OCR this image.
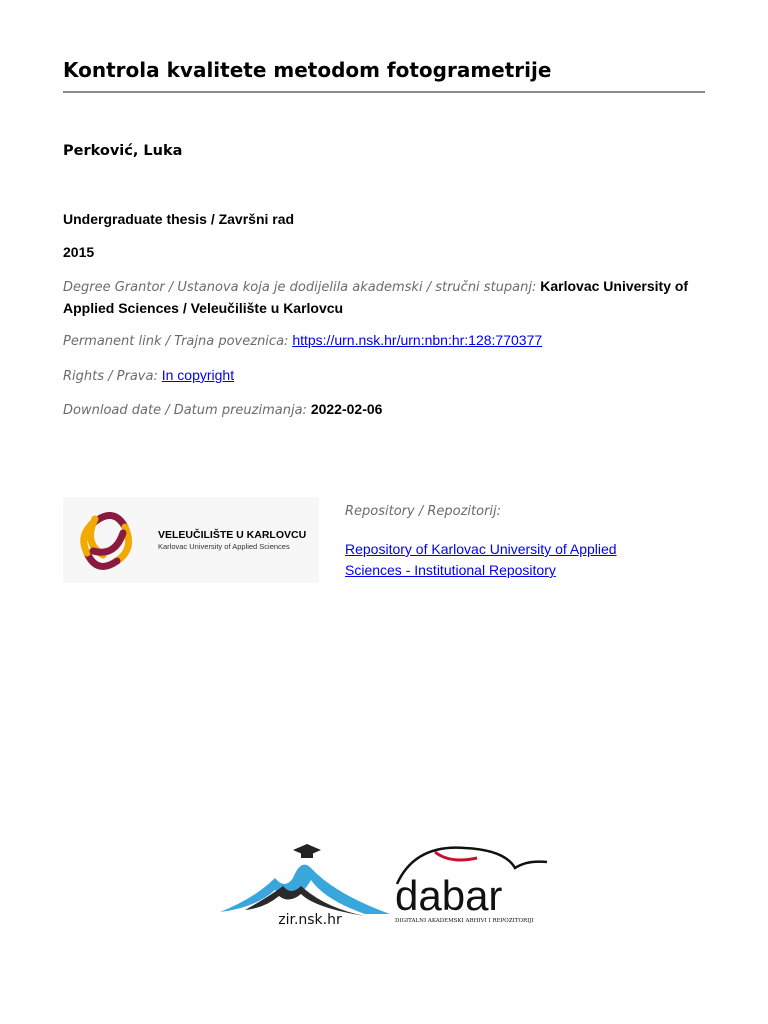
Kontrola kvalitete metodom fotogrametrije
Perković, Luka
Undergraduate thesis / Završni rad
2015
Degree Grantor / Ustanova koja je dodijelila akademski / stručni stupanj: Karlovac University of Applied Sciences / Veleučilište u Karlovcu
Permanent link / Trajna poveznica: https://urn.nsk.hr/urn:nbn:hr:128:770377
Rights / Prava: In copyright
Download date / Datum preuzimanja: 2022-02-06
VELEUČILIŠTE U KARLOVCU
Karlovac University of Applied Sciences
Repository / Repozitorij:
Repository of Karlovac University of Applied Sciences - Institutional Repository
zir.nsk.hr
dabar
DIGITALNI AKADEMSKI ARHIVI I REPOZITORIJI
